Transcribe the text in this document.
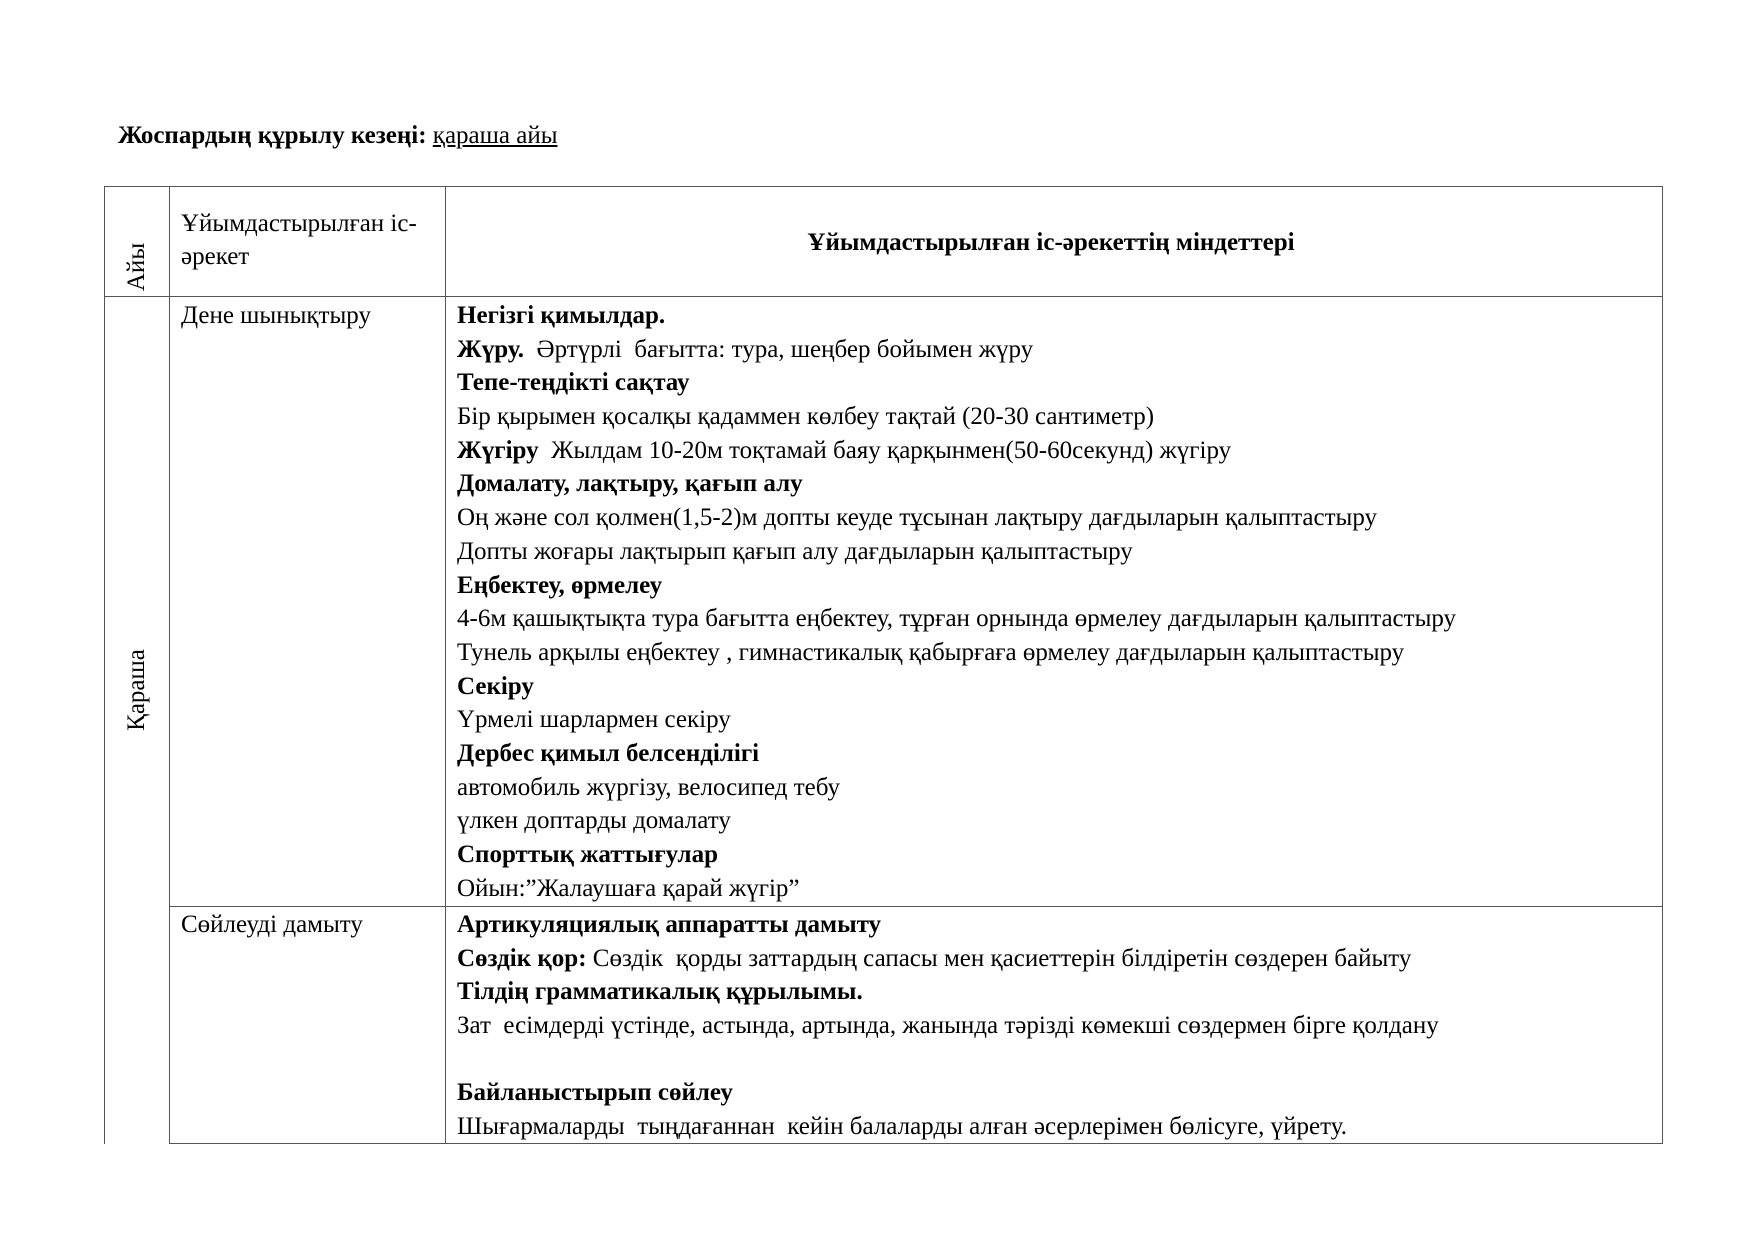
Жоспардың құрылу кезеңі: қараша айы
Айы
Ұйымдастырылған іс-әрекет
Ұйымдастырылған іс-әрекеттің міндеттері
Қараша
Дене шынықтыру	Негізгі қимылдар.
Жүру.  Әртүрлі  бағытта: тура, шеңбер бойымен жүру
Тепе-теңдікті сақтау
Бір қырымен қосалқы қадаммен көлбеу тақтай (20-30 сантиметр)
Жүгіру  Жылдам 10-20м тоқтамай баяу қарқынмен(50-60секунд) жүгіру
Домалату, лақтыру, қағып алу
Оң және сол қолмен(1,5-2)м допты кеуде тұсынан лақтыру дағдыларын қалыптастыру
Допты жоғары лақтырып қағып алу дағдыларын қалыптастыру
Еңбектеу, өрмелеу
4-6м қашықтықта тура бағытта еңбектеу, тұрған орнында өрмелеу дағдыларын қалыптастыру
Тунель арқылы еңбектеу , гимнастикалық қабырғаға өрмелеу дағдыларын қалыптастыру
Секіру
Үрмелі шарлармен секіру
Дербес қимыл белсенділігі
автомобиль жүргізу, велосипед тебу
үлкен доптарды домалату
Спорттық жаттығулар
Ойын:”Жалаушаға қарай жүгір”
Сөйлеуді дамыту	Артикуляциялық аппаратты дамыту
Сөздік қор: Сөздік  қорды заттардың сапасы мен қасиеттерін білдіретін сөздерен байыту
Тілдің грамматикалық құрылымы.
Зат  есімдерді үстінде, астында, артында, жанында тәрізді көмекші сөздермен бірге қолдану
Байланыстырып сөйлеу
Шығармаларды  тыңдағаннан  кейін балаларды алған әсерлерімен бөлісуге, үйрету.
